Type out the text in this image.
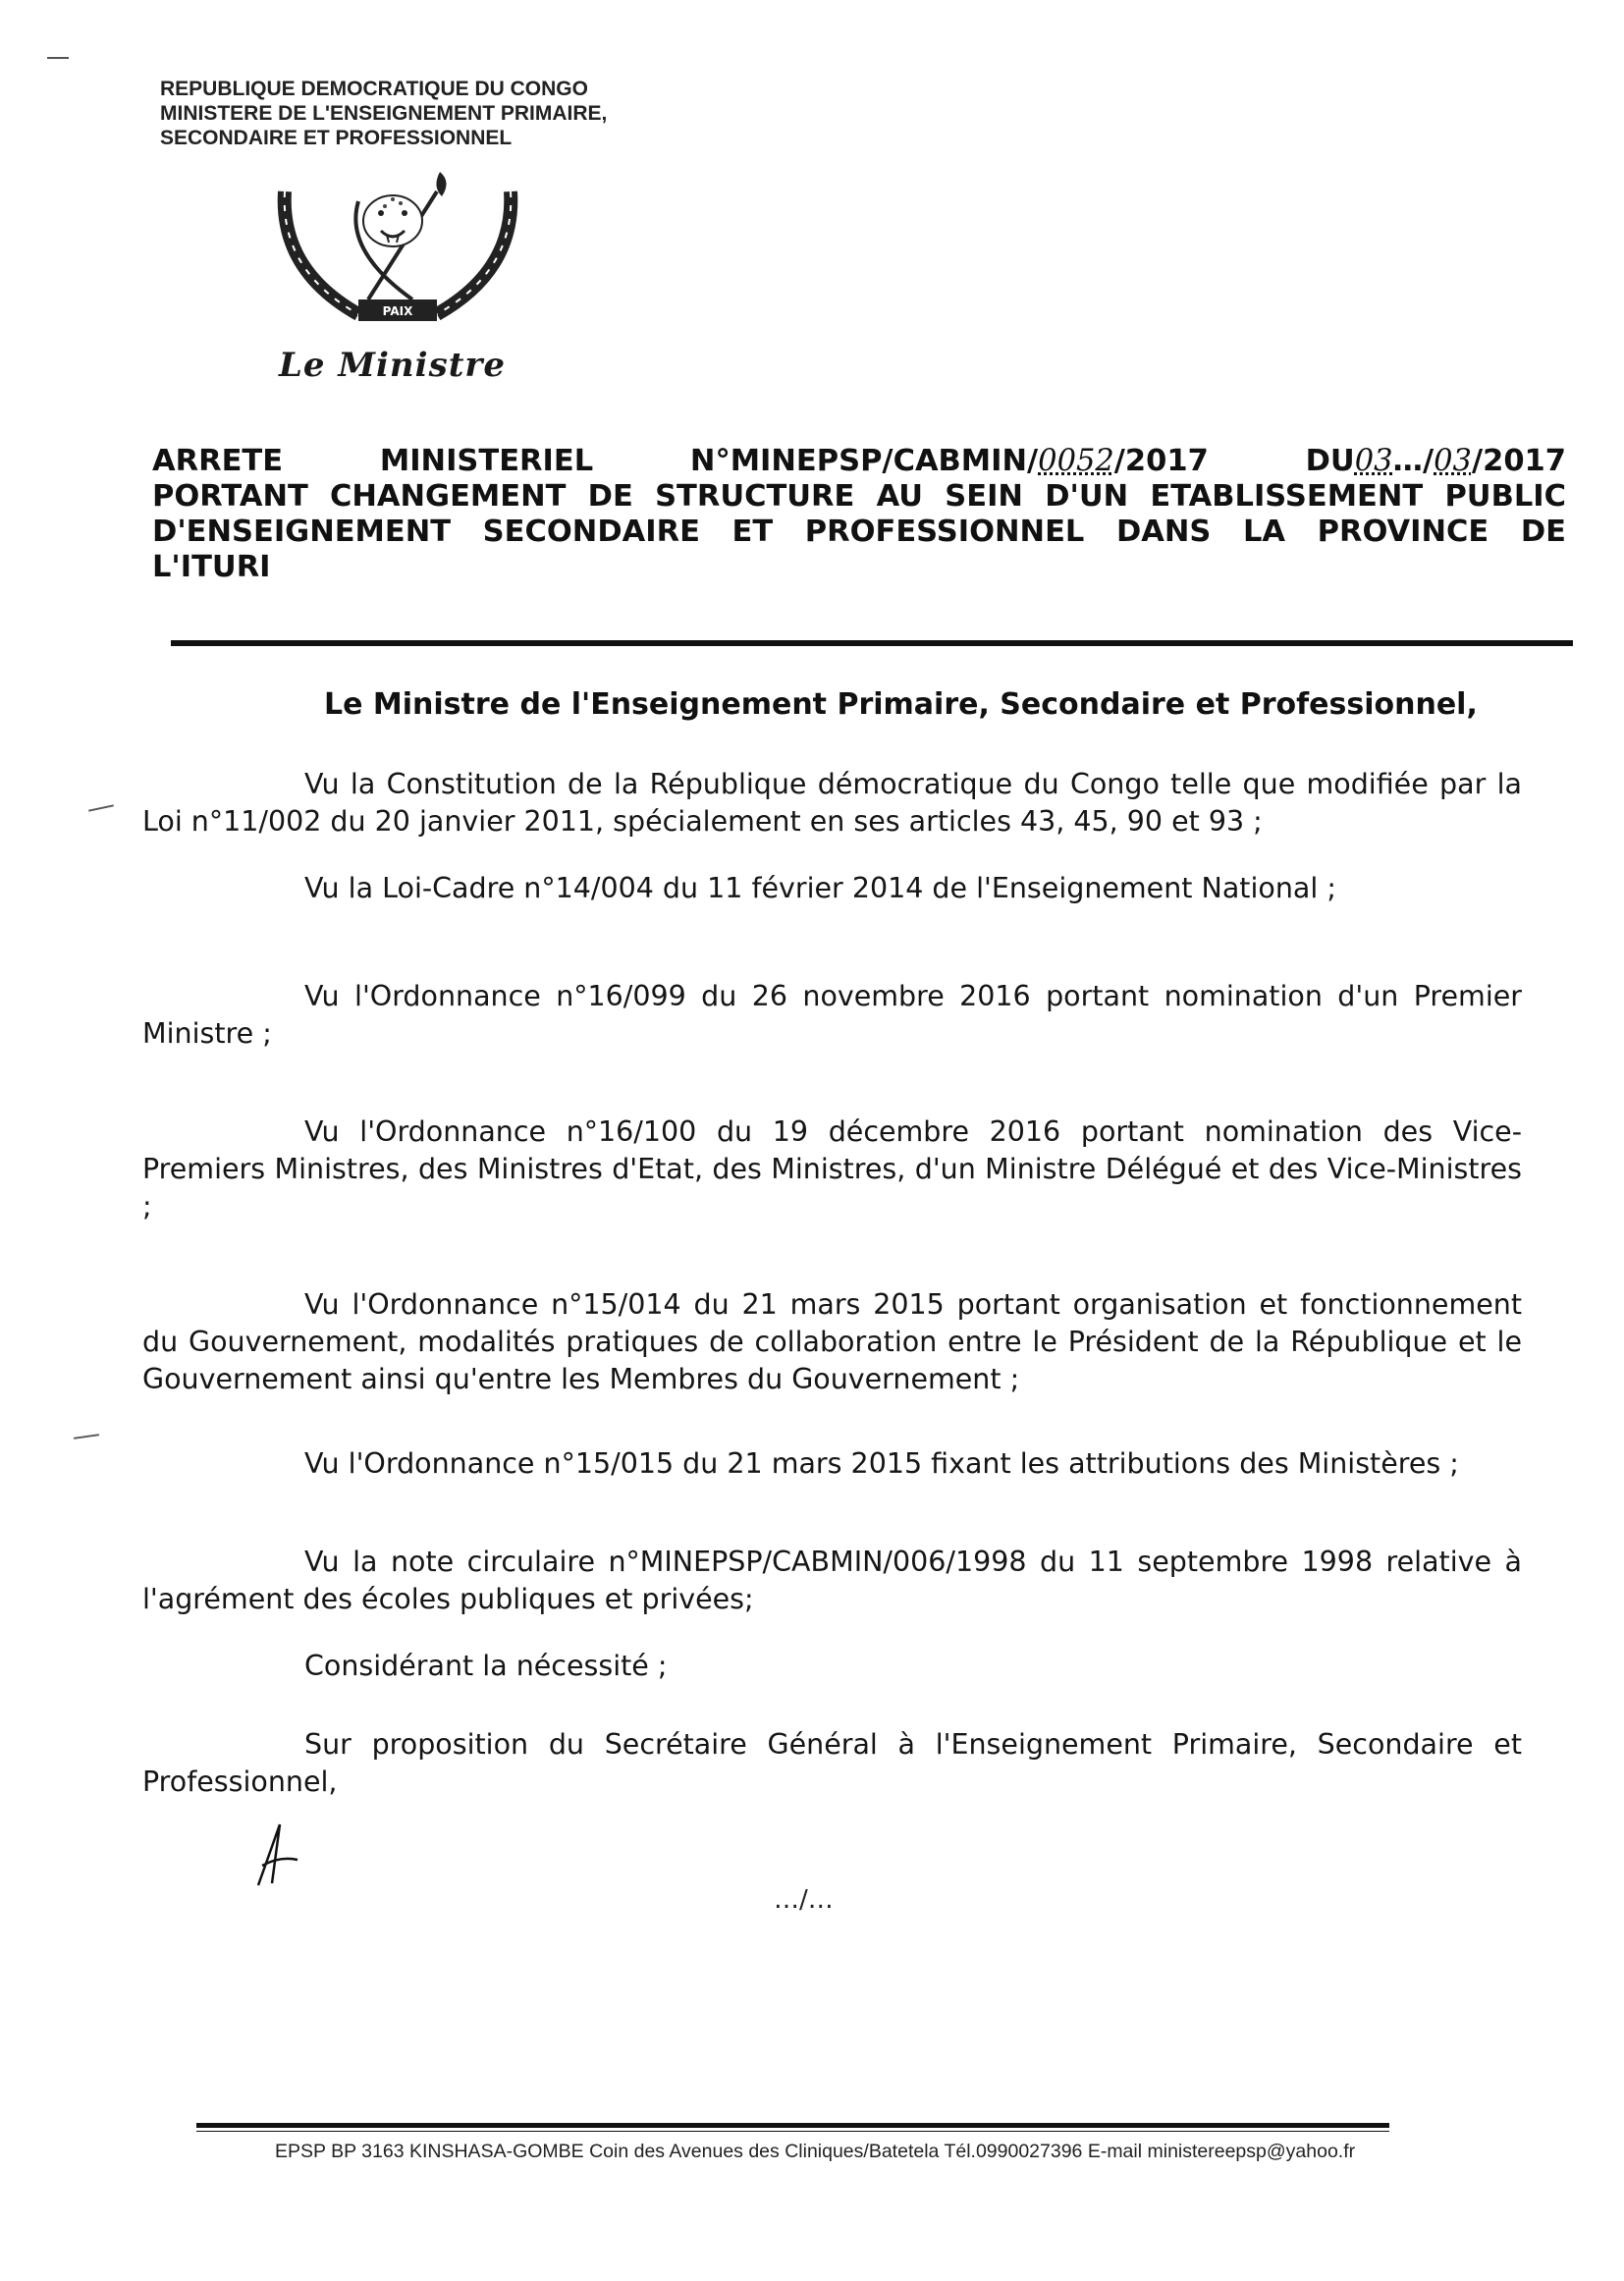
REPUBLIQUE DEMOCRATIQUE DU CONGO
MINISTERE DE L'ENSEIGNEMENT PRIMAIRE,
SECONDAIRE ET PROFESSIONNEL
PAIX
Le Ministre
ARRETE	MINISTERIEL	N°MINEPSP/CABMIN/0052/2017	DU03…/03/2017
PORTANT CHANGEMENT DE STRUCTURE AU SEIN D'UN ETABLISSEMENT PUBLIC
D'ENSEIGNEMENT SECONDAIRE ET PROFESSIONNEL DANS LA PROVINCE DE
L'ITURI
Le Ministre de l'Enseignement Primaire, Secondaire et Professionnel,

Vu la Constitution de la République démocratique du Congo telle que modifiée par la Loi n°11/002 du 20 janvier 2011, spécialement en ses articles 43, 45, 90 et 93 ;

Vu la Loi-Cadre n°14/004 du 11 février 2014 de l'Enseignement National ;

Vu l'Ordonnance n°16/099 du 26 novembre 2016 portant nomination d'un Premier Ministre ;

Vu l'Ordonnance n°16/100 du 19 décembre 2016 portant nomination des Vice-Premiers Ministres, des Ministres d'Etat, des Ministres, d'un Ministre Délégué et des Vice-Ministres ;

Vu l'Ordonnance n°15/014 du 21 mars 2015 portant organisation et fonctionnement du Gouvernement, modalités pratiques de collaboration entre le Président de la République et le Gouvernement ainsi qu'entre les Membres du Gouvernement ;

Vu l'Ordonnance n°15/015 du 21 mars 2015 fixant les attributions des Ministères ;

Vu la note circulaire n°MINEPSP/CABMIN/006/1998 du 11 septembre 1998 relative à l'agrément des écoles publiques et privées;

Considérant la nécessité ;

Sur proposition du Secrétaire Général à l'Enseignement Primaire, Secondaire et Professionnel,

…/…
EPSP BP 3163 KINSHASA-GOMBE Coin des Avenues des Cliniques/Batetela Tél.0990027396 E-mail ministereepsp@yahoo.fr
